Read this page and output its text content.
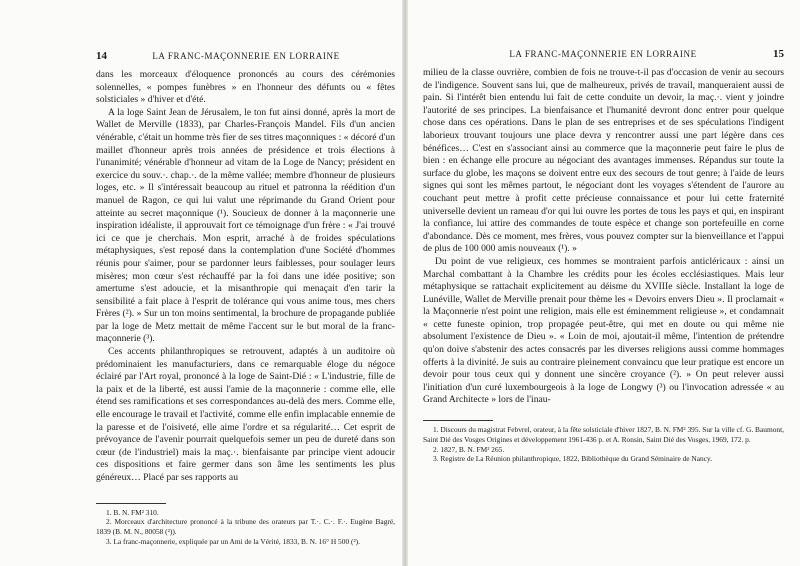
14	LA FRANC-MAÇONNERIE EN LORRAINE

dans les morceaux d'éloquence prononcés au cours des cérémonies solennelles, « pompes funèbres » en l'honneur des défunts ou « fêtes solsticiales » d'hiver et d'été.

A la loge Saint Jean de Jérusalem, le ton fut ainsi donné, après la mort de Wallet de Merville (1833), par Charles-François Mandel. Fils d'un ancien vénérable, c'était un homme très fier de ses titres maçonniques : « décoré d'un maillet d'honneur après trois années de présidence et trois élections à l'unanimité; vénérable d'honneur ad vitam de la Loge de Nancy; président en exercice du souv.·. chap.·. de la même vallée; membre d'honneur de plusieurs loges, etc. » Il s'intéressait beaucoup au rituel et patronna la réédition d'un manuel de Ragon, ce qui lui valut une réprimande du Grand Orient pour atteinte au secret maçonnique (¹). Soucieux de donner à la maçonnerie une inspiration idéaliste, il approuvait fort ce témoignage d'un frère : « J'ai trouvé ici ce que je cherchais. Mon esprit, arraché à de froides spéculations métaphysiques, s'est reposé dans la contemplation d'une Société d'hommes réunis pour s'aimer, pour se pardonner leurs faiblesses, pour soulager leurs misères; mon cœur s'est réchauffé par la foi dans une idée positive; son amertume s'est adoucie, et la misanthropie qui menaçait d'en tarir la sensibilité a fait place à l'esprit de tolérance qui vous anime tous, mes chers Frères (²). » Sur un ton moins sentimental, la brochure de propagande publiée par la loge de Metz mettait de même l'accent sur le but moral de la franc-maçonnerie (³).

Ces accents philanthropiques se retrouvent, adaptés à un auditoire où prédominaient les manufacturiers, dans ce remarquable éloge du négoce éclairé par l'Art royal, prononcé à la loge de Saint-Dié : « L'industrie, fille de la paix et de la liberté, est aussi l'amie de la maçonnerie : comme elle, elle étend ses ramifications et ses correspondances au-delà des mers. Comme elle, elle encourage le travail et l'activité, comme elle enfin implacable ennemie de la paresse et de l'oisiveté, elle aime l'ordre et sa régularité… Cet esprit de prévoyance de l'avenir pourrait quelquefois semer un peu de dureté dans son cœur (de l'industriel) mais la maç.·. bienfaisante par principe vient adoucir ces dispositions et faire germer dans son âme les sentiments les plus généreux… Placé par ses rapports au

1. B. N. FM² 310.

2. Morceaux d'architecture prononcé à la tribune des orateurs par T.·. C.·. F.·. Eugène Bagré, 1839 (B. M. N., 80058 (²)).

3. La franc-maçonnerie, expliquée par un Ami de la Vérité, 1833, B. N. 16° H 500 (²).

LA FRANC-MAÇONNERIE EN LORRAINE	15

milieu de la classe ouvrière, combien de fois ne trouve-t-il pas d'occasion de venir au secours de l'indigence. Souvent sans lui, que de malheureux, privés de travail, manqueraient aussi de pain. Si l'intérêt bien entendu lui fait de cette conduite un devoir, la maç.·. vient y joindre l'autorité de ses principes. La bienfaisance et l'humanité devront donc entrer pour quelque chose dans ces opérations. Dans le plan de ses entreprises et de ses spéculations l'indigent laborieux trouvant toujours une place devra y rencontrer aussi une part légère dans ces bénéfices… C'est en s'associant ainsi au commerce que la maçonnerie peut faire le plus de bien : en échange elle procure au négociant des avantages immenses. Répandus sur toute la surface du globe, les maçons se doivent entre eux des secours de tout genre; à l'aide de leurs signes qui sont les mêmes partout, le négociant dont les voyages s'étendent de l'aurore au couchant peut mettre à profit cette précieuse connaissance et pour lui cette fraternité universelle devient un rameau d'or qui lui ouvre les portes de tous les pays et qui, en inspirant la confiance, lui attire des commandes de toute espèce et change son portefeuille en corne d'abondance. Dès ce moment, mes frères, vous pouvez compter sur la bienveillance et l'appui de plus de 100 000 amis nouveaux (¹). »

Du point de vue religieux, ces hommes se montraient parfois anticléricaux : ainsi un Marchal combattant à la Chambre les crédits pour les écoles ecclésiastiques. Mais leur métaphysique se rattachait explicitement au déisme du XVIIIe siècle. Installant la loge de Lunéville, Wallet de Merville prenait pour thème les « Devoirs envers Dieu ». Il proclamait « la Maçonnerie n'est point une religion, mais elle est éminemment religieuse », et condamnait « cette funeste opinion, trop propagée peut-être, qui met en doute ou qui même nie absolument l'existence de Dieu ». « Loin de moi, ajoutait-il même, l'intention de prétendre qu'on doive s'abstenir des actes consacrés par les diverses religions aussi comme hommages offerts à la divinité. Je suis au contraire pleinement convaincu que leur pratique est encore un devoir pour tous ceux qui y donnent une sincère croyance (²). » On peut relever aussi l'initiation d'un curé luxembourgeois à la loge de Longwy (³) ou l'invocation adressée « au Grand Architecte » lors de l'inau-

1. Discours du magistrat Febvrel, orateur, à la fête solsticiale d'hiver 1827, B. N. FM² 395. Sur la ville cf. G. Baumont, Saint Dié des Vosges Origines et développement 1961-436 p. et A. Ronsin, Saint Dié des Vosges, 1969, 172. p.

2. 1827, B. N. FM² 265.

3. Registre de La Réunion philanthropique, 1822, Bibliothèque du Grand Séminaire de Nancy.
